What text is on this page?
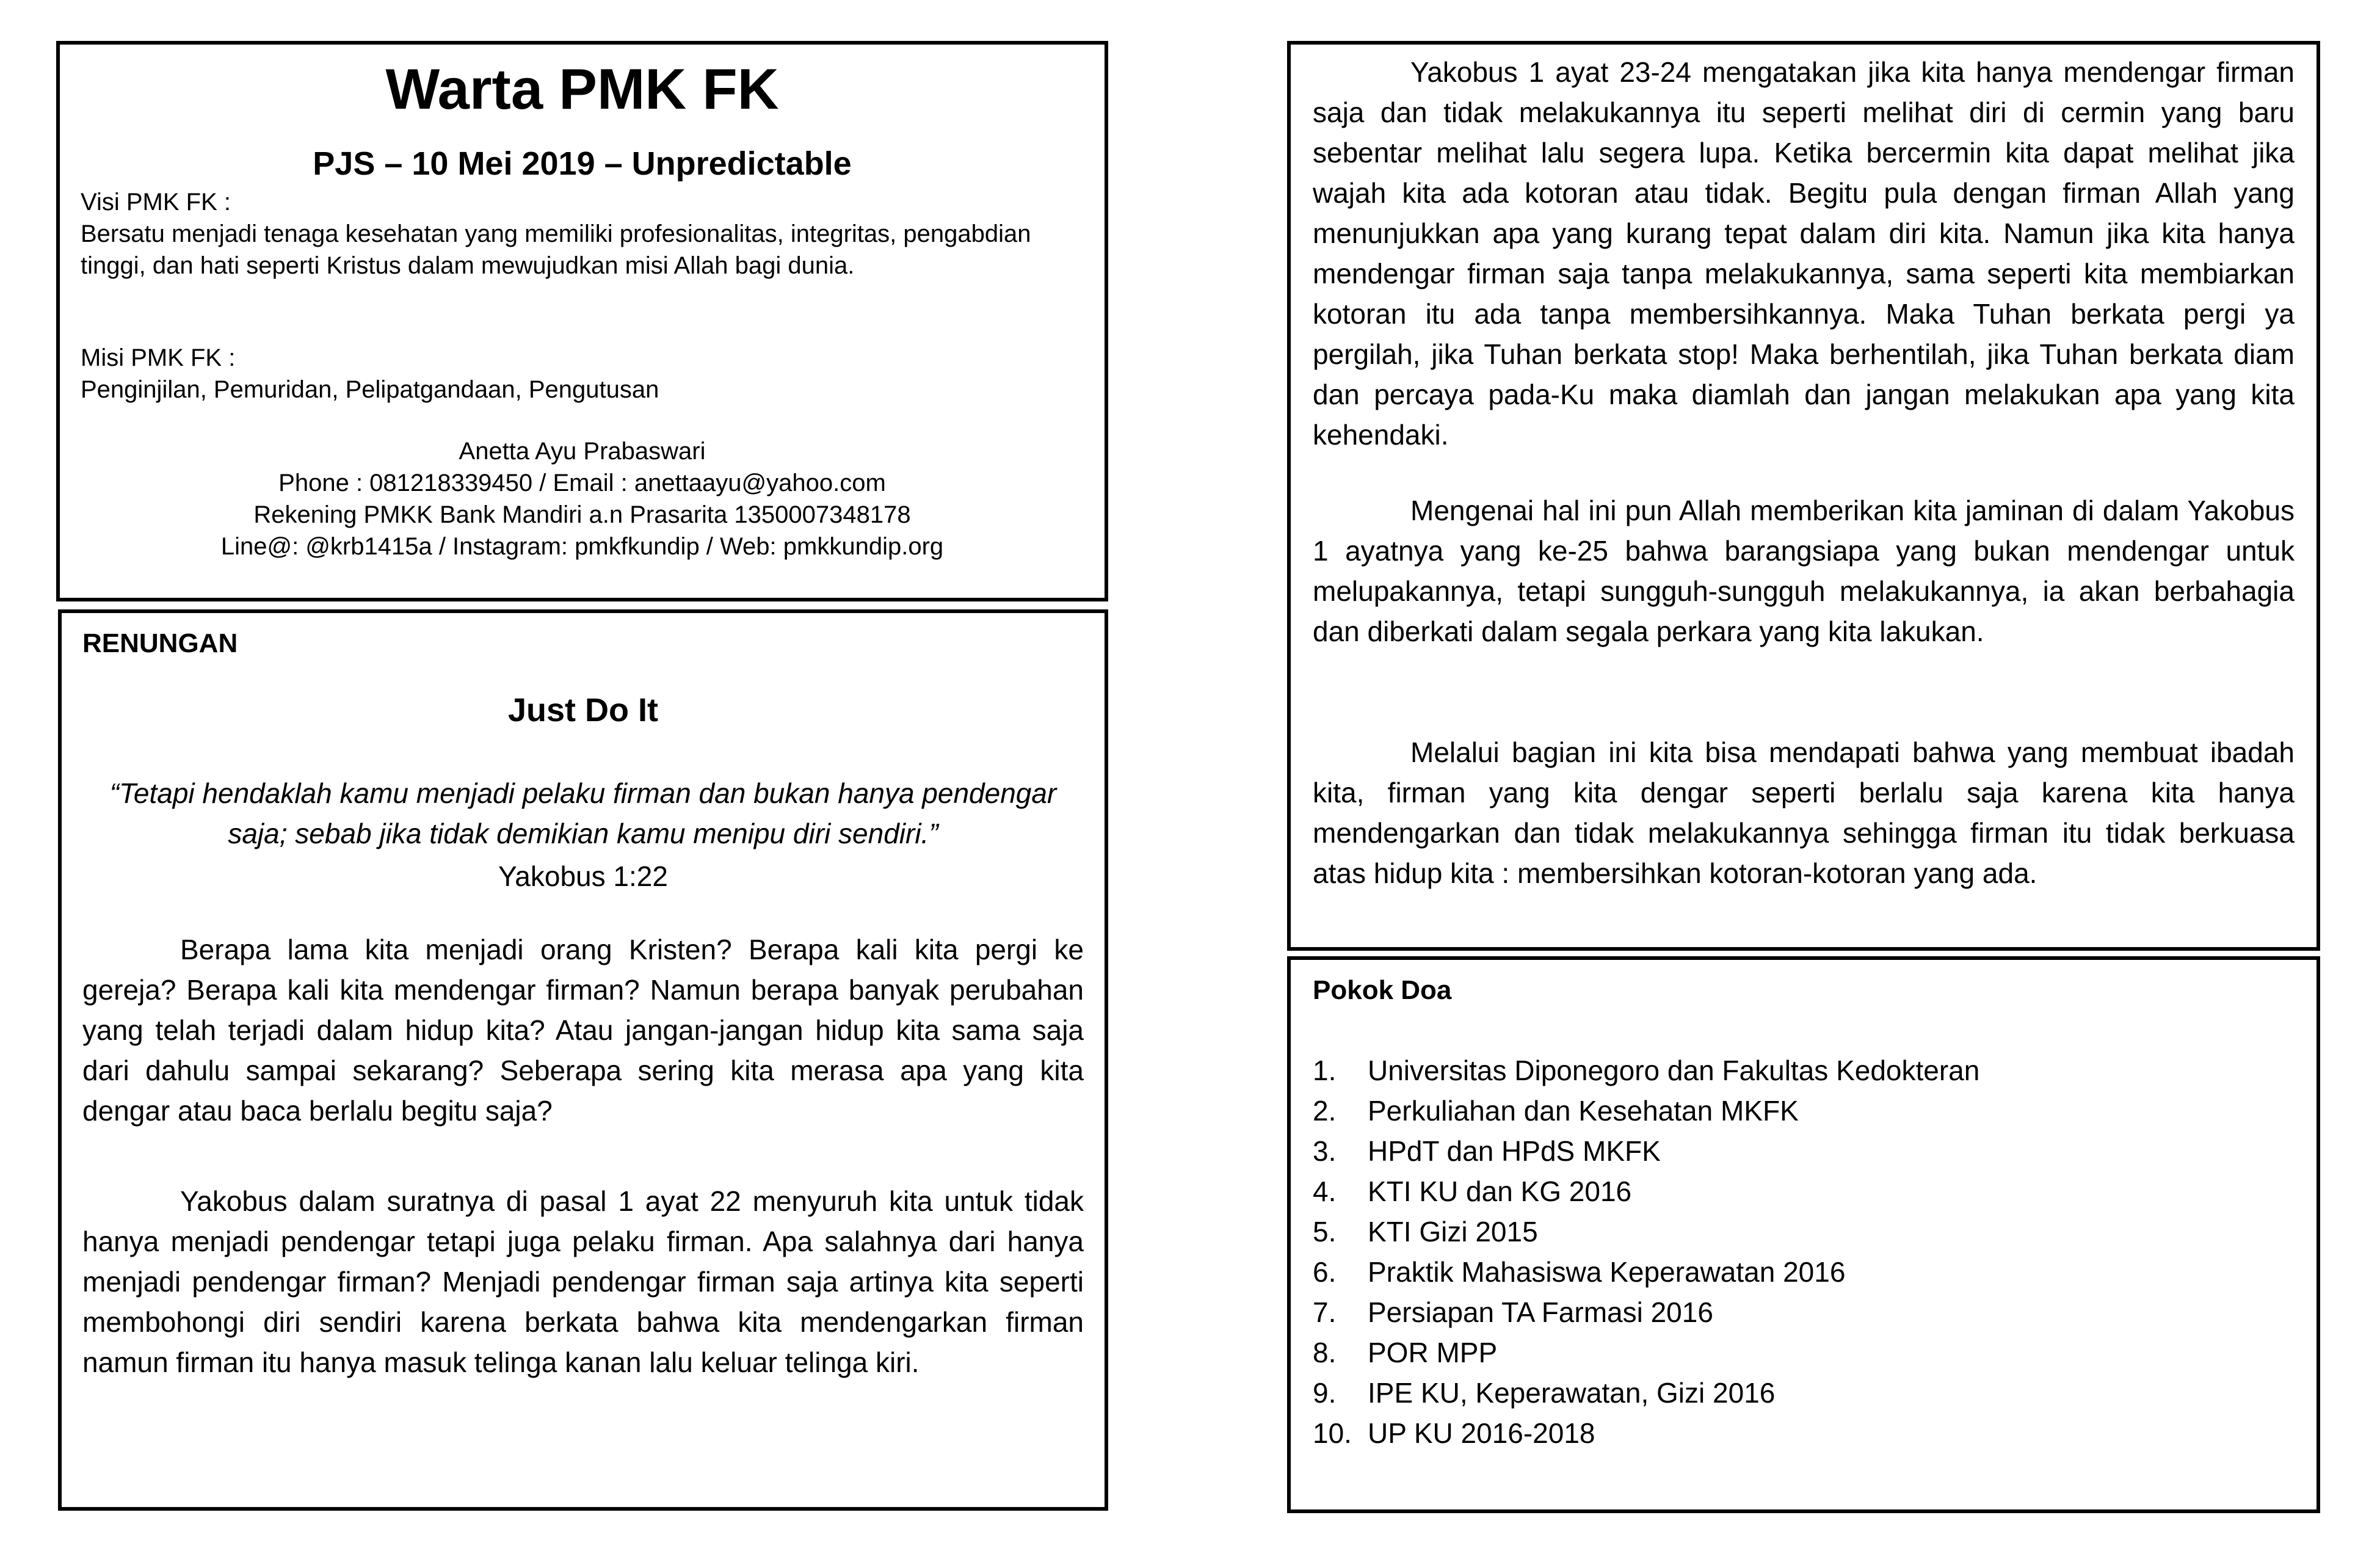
Warta PMK FK
PJS – 10 Mei 2019 – Unpredictable
Visi PMK FK :
Bersatu menjadi tenaga kesehatan yang memiliki profesionalitas, integritas, pengabdian tinggi, dan hati seperti Kristus dalam mewujudkan misi Allah bagi dunia.
Misi PMK FK :
Penginjilan, Pemuridan, Pelipatgandaan, Pengutusan
Anetta Ayu Prabaswari
Phone : 081218339450 / Email : anettaayu@yahoo.com
Rekening PMKK Bank Mandiri a.n Prasarita 1350007348178
Line@: @krb1415a / Instagram: pmkfkundip / Web: pmkkundip.org
RENUNGAN
Just Do It
“Tetapi hendaklah kamu menjadi pelaku firman dan bukan hanya pendengar saja; sebab jika tidak demikian kamu menipu diri sendiri.”
Yakobus 1:22

Berapa lama kita menjadi orang Kristen? Berapa kali kita pergi ke gereja? Berapa kali kita mendengar firman? Namun berapa banyak perubahan yang telah terjadi dalam hidup kita? Atau jangan-jangan hidup kita sama saja dari dahulu sampai sekarang? Seberapa sering kita merasa apa yang kita dengar atau baca berlalu begitu saja?

Yakobus dalam suratnya di pasal 1 ayat 22 menyuruh kita untuk tidak hanya menjadi pendengar tetapi juga pelaku firman. Apa salahnya dari hanya menjadi pendengar firman? Menjadi pendengar firman saja artinya kita seperti membohongi diri sendiri karena berkata bahwa kita mendengarkan firman namun firman itu hanya masuk telinga kanan lalu keluar telinga kiri.

Yakobus 1 ayat 23-24 mengatakan jika kita hanya mendengar firman saja dan tidak melakukannya itu seperti melihat diri di cermin yang baru sebentar melihat lalu segera lupa. Ketika bercermin kita dapat melihat jika wajah kita ada kotoran atau tidak. Begitu pula dengan firman Allah yang menunjukkan apa yang kurang tepat dalam diri kita. Namun jika kita hanya mendengar firman saja tanpa melakukannya, sama seperti kita membiarkan kotoran itu ada tanpa membersihkannya. Maka Tuhan berkata pergi ya pergilah, jika Tuhan berkata stop! Maka berhentilah, jika Tuhan berkata diam dan percaya pada-Ku maka diamlah dan jangan melakukan apa yang kita kehendaki.

Mengenai hal ini pun Allah memberikan kita jaminan di dalam Yakobus 1 ayatnya yang ke-25 bahwa barangsiapa yang bukan mendengar untuk melupakannya, tetapi sungguh-sungguh melakukannya, ia akan berbahagia dan diberkati dalam segala perkara yang kita lakukan.

Melalui bagian ini kita bisa mendapati bahwa yang membuat ibadah kita, firman yang kita dengar seperti berlalu saja karena kita hanya mendengarkan dan tidak melakukannya sehingga firman itu tidak berkuasa atas hidup kita : membersihkan kotoran-kotoran yang ada.

Pokok Doa
1.	Universitas Diponegoro dan Fakultas Kedokteran
2.	Perkuliahan dan Kesehatan MKFK
3.	HPdT dan HPdS MKFK
4.	KTI KU dan KG 2016
5.	KTI Gizi 2015
6.	Praktik Mahasiswa Keperawatan 2016
7.	Persiapan TA Farmasi 2016
8.	POR MPP
9.	IPE KU, Keperawatan, Gizi 2016
10. UP KU 2016-2018
